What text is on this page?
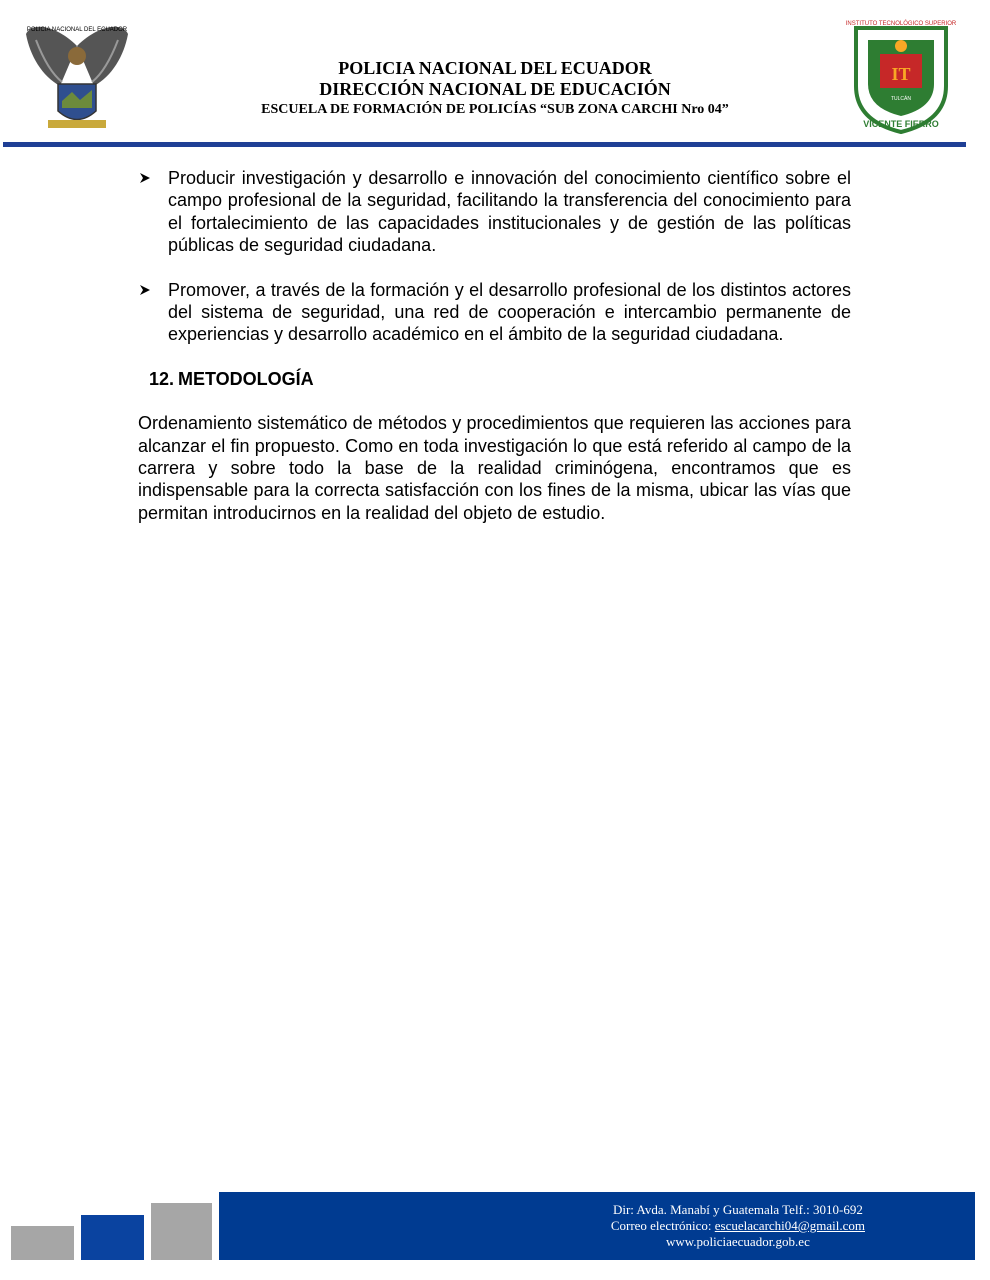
POLICIA NACIONAL DEL ECUADOR
IT
INSTITUTO TECNOLÓGICO SUPERIOR
TULCÁN
VICENTE FIERRO
POLICIA NACIONAL DEL ECUADOR
DIRECCIÓN NACIONAL DE EDUCACIÓN
ESCUELA DE FORMACIÓN DE POLICÍAS “SUB ZONA CARCHI Nro 04”
Producir investigación y desarrollo e innovación del conocimiento científico sobre el campo profesional de la seguridad, facilitando la transferencia del conocimiento para el fortalecimiento de las capacidades institucionales y de gestión de las políticas públicas de seguridad ciudadana.
Promover, a través de la formación y el desarrollo profesional de los distintos actores del sistema de seguridad, una red de cooperación e intercambio permanente de experiencias y desarrollo académico en el ámbito de la seguridad ciudadana.
12. METODOLOGÍA
Ordenamiento sistemático de métodos y procedimientos que requieren las acciones para alcanzar el fin propuesto. Como en toda investigación lo que está referido al campo de la carrera y sobre todo la base de la realidad criminógena, encontramos que es indispensable para la correcta satisfacción con los fines de la misma, ubicar las vías que permitan introducirnos en la realidad del objeto de estudio.
Dir: Avda. Manabí y Guatemala Telf.: 3010-692
Correo electrónico: escuelacarchi04@gmail.com
www.policiaecuador.gob.ec
